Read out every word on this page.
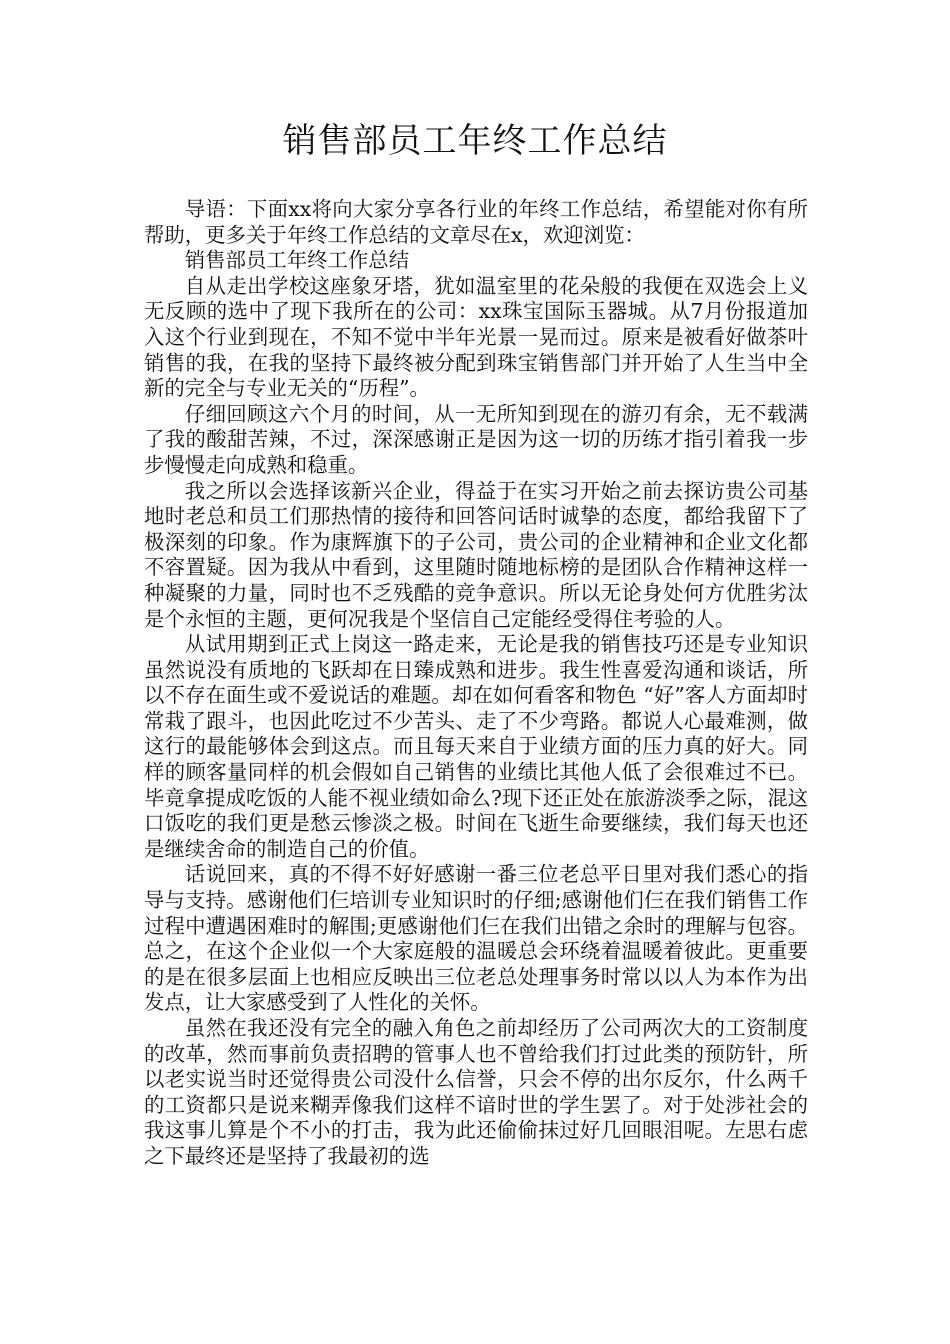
销售部员工年终工作总结

导语：下面xx将向大家分享各行业的年终工作总结，希望能对你有所帮助，更多关于年终工作总结的文章尽在x，欢迎浏览：

销售部员工年终工作总结

自从走出学校这座象牙塔，犹如温室里的花朵般的我便在双选会上义无反顾的选中了现下我所在的公司：xx珠宝国际玉器城。从7月份报道加入这个行业到现在，不知不觉中半年光景一晃而过。原来是被看好做茶叶销售的我，在我的坚持下最终被分配到珠宝销售部门并开始了人生当中全新的完全与专业无关的“历程”。

仔细回顾这六个月的时间，从一无所知到现在的游刃有余，无不载满了我的酸甜苦辣，不过，深深感谢正是因为这一切的历练才指引着我一步步慢慢走向成熟和稳重。

我之所以会选择该新兴企业，得益于在实习开始之前去探访贵公司基地时老总和员工们那热情的接待和回答问话时诚挚的态度，都给我留下了极深刻的印象。作为康辉旗下的子公司，贵公司的企业精神和企业文化都不容置疑。因为我从中看到，这里随时随地标榜的是团队合作精神这样一种凝聚的力量，同时也不乏残酷的竞争意识。所以无论身处何方优胜劣汰是个永恒的主题，更何况我是个坚信自己定能经受得住考验的人。

从试用期到正式上岗这一路走来，无论是我的销售技巧还是专业知识虽然说没有质地的飞跃却在日臻成熟和进步。我生性喜爱沟通和谈话，所以不存在面生或不爱说话的难题。却在如何看客和物色 “好”客人方面却时常栽了跟斗，也因此吃过不少苦头、走了不少弯路。都说人心最难测，做这行的最能够体会到这点。而且每天来自于业绩方面的压力真的好大。同样的顾客量同样的机会假如自己销售的业绩比其他人低了会很难过不已。毕竟拿提成吃饭的人能不视业绩如命么?现下还正处在旅游淡季之际，混这口饭吃的我们更是愁云惨淡之极。时间在飞逝生命要继续，我们每天也还是继续舍命的制造自己的价值。

话说回来，真的不得不好好感谢一番三位老总平日里对我们悉心的指导与支持。感谢他们仨培训专业知识时的仔细;感谢他们仨在我们销售工作过程中遭遇困难时的解围;更感谢他们仨在我们出错之余时的理解与包容。总之，在这个企业似一个大家庭般的温暖总会环绕着温暖着彼此。更重要的是在很多层面上也相应反映出三位老总处理事务时常以以人为本作为出发点，让大家感受到了人性化的关怀。

虽然在我还没有完全的融入角色之前却经历了公司两次大的工资制度的改革，然而事前负责招聘的管事人也不曾给我们打过此类的预防针，所以老实说当时还觉得贵公司没什么信誉，只会不停的出尔反尔，什么两千的工资都只是说来糊弄像我们这样不谙时世的学生罢了。对于处涉社会的我这事儿算是个不小的打击，我为此还偷偷抹过好几回眼泪呢。左思右虑之下最终还是坚持了我最初的选
